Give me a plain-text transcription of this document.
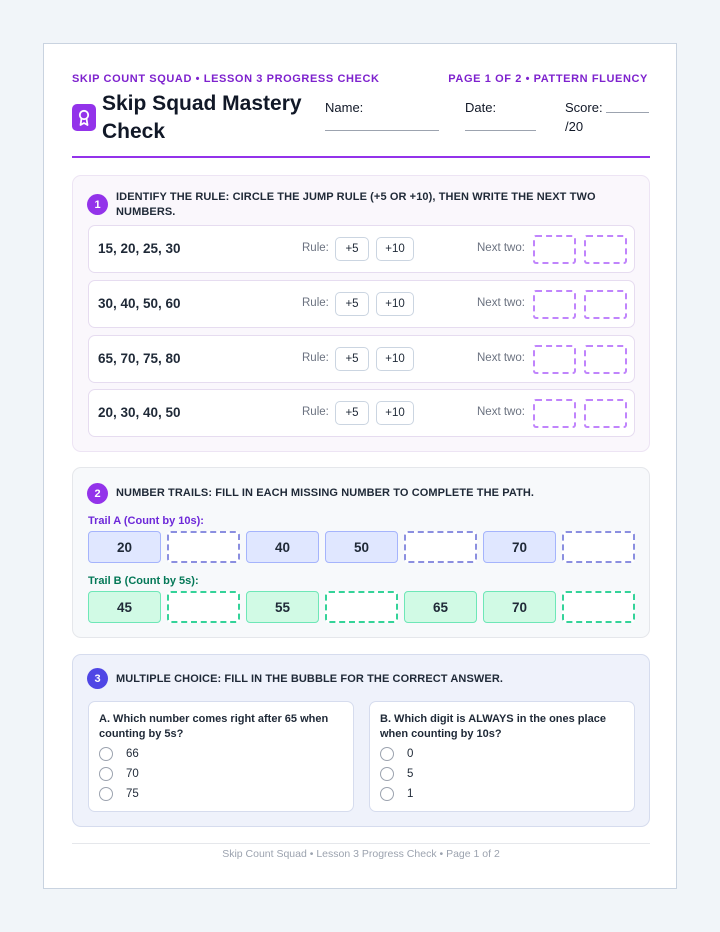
SKIP COUNT SQUAD • LESSON 3 PROGRESS CHECK	PAGE 1 OF 2 • PATTERN FLUENCY
Skip Squad Mastery Check
Name:	Date:	Score:
/20
1
IDENTIFY THE RULE: CIRCLE THE JUMP RULE (+5 OR +10), THEN WRITE THE NEXT TWO NUMBERS.
15, 20, 25, 30	Rule:	+5	+10	Next two:
30, 40, 50, 60	Rule:	+5	+10	Next two:
65, 70, 75, 80	Rule:	+5	+10	Next two:
20, 30, 40, 50	Rule:	+5	+10	Next two:
2	NUMBER TRAILS: FILL IN EACH MISSING NUMBER TO COMPLETE THE PATH.
Trail A (Count by 10s):
20	40	50	70
Trail B (Count by 5s):
45	55	65	70
3	MULTIPLE CHOICE: FILL IN THE BUBBLE FOR THE CORRECT ANSWER.
A. Which number comes right after 65 when counting by 5s?
66
70
75
B. Which digit is ALWAYS in the ones place when counting by 10s?
0
5
1
Skip Count Squad • Lesson 3 Progress Check • Page 1 of 2
